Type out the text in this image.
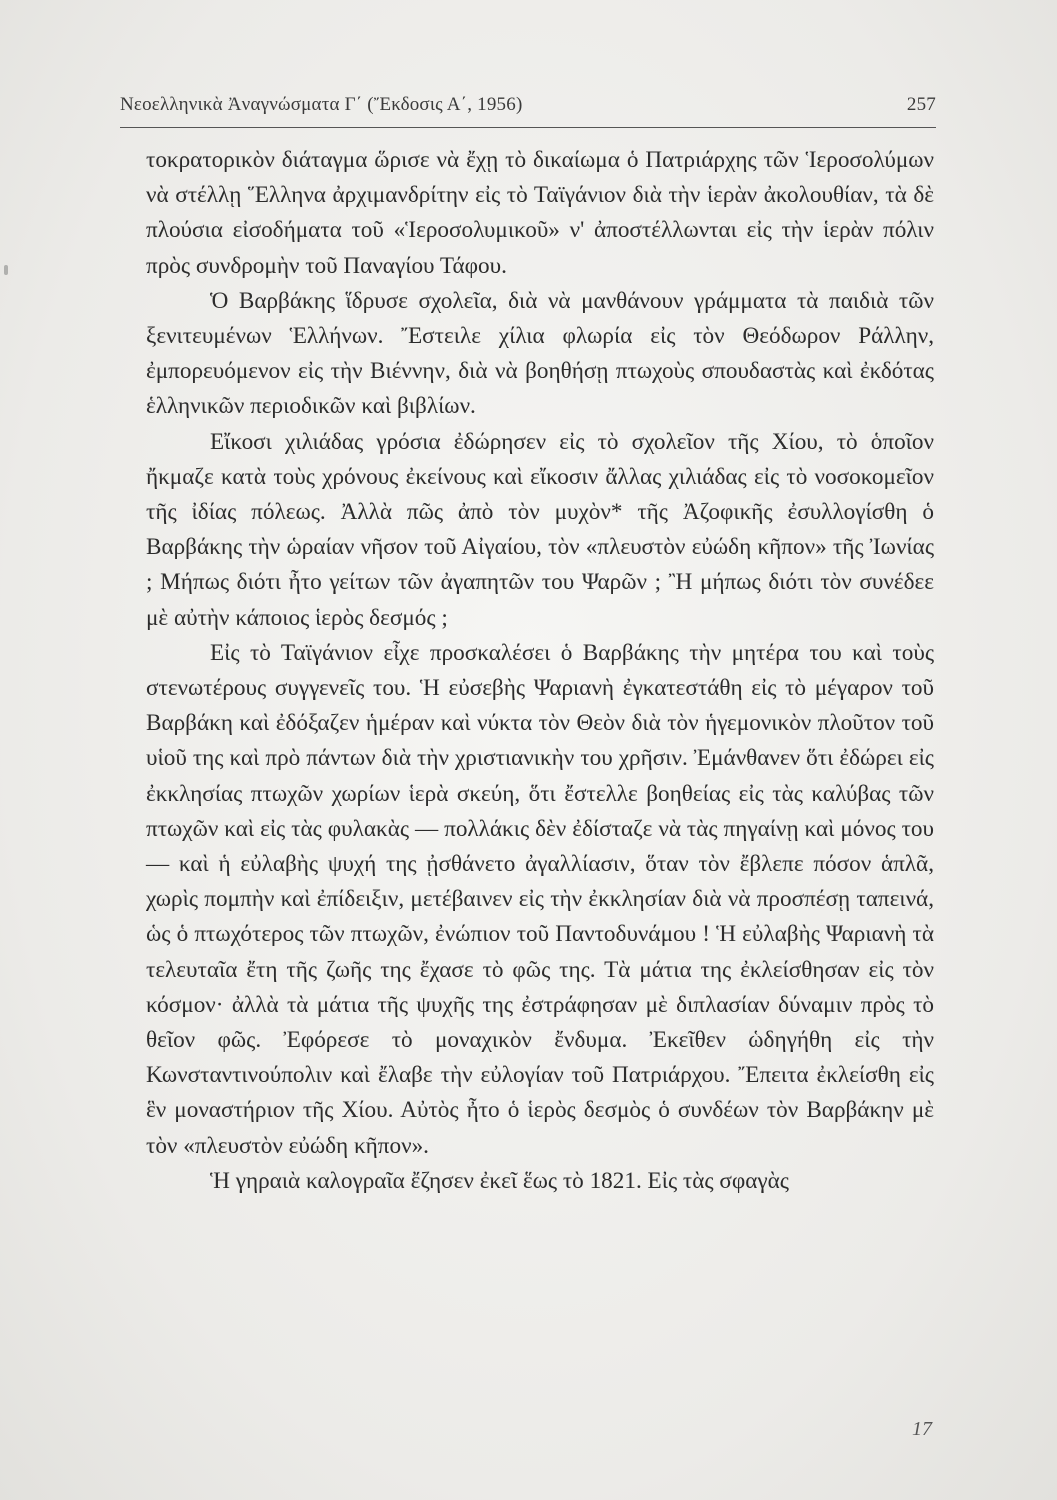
Νεοελληνικὰ Ἀναγνώσματα Γ΄ (Ἔκδοσις Α΄, 1956)	257

τοκρατορικὸν διάταγμα ὥρισε νὰ ἔχῃ τὸ δικαίωμα ὁ Πατριάρχης τῶν Ἱεροσολύμων νὰ στέλλῃ Ἕλληνα ἀρχιμανδρίτην εἰς τὸ Ταϊγάνιον διὰ τὴν ἱερὰν ἀκολουθίαν, τὰ δὲ πλούσια εἰσοδήματα τοῦ «Ἱεροσολυμικοῦ» ν' ἀποστέλλωνται εἰς τὴν ἱερὰν πόλιν πρὸς συνδρομὴν τοῦ Παναγίου Τάφου.

Ὁ Βαρβάκης ἵδρυσε σχολεῖα, διὰ νὰ μανθάνουν γράμματα τὰ παιδιὰ τῶν ξενιτευμένων Ἑλλήνων. Ἔστειλε χίλια φλωρία εἰς τὸν Θεόδωρον Ράλλην, ἐμπορευόμενον εἰς τὴν Βιέννην, διὰ νὰ βοηθήσῃ πτωχοὺς σπουδαστὰς καὶ ἐκδότας ἑλληνικῶν περιοδικῶν καὶ βιβλίων.

Εἴκοσι χιλιάδας γρόσια ἐδώρησεν εἰς τὸ σχολεῖον τῆς Χίου, τὸ ὁποῖον ἤκμαζε κατὰ τοὺς χρόνους ἐκείνους καὶ εἴκοσιν ἄλλας χιλιάδας εἰς τὸ νοσοκομεῖον τῆς ἰδίας πόλεως. Ἀλλὰ πῶς ἀπὸ τὸν μυχὸν* τῆς Ἀζοφικῆς ἐσυλλογίσθη ὁ Βαρβάκης τὴν ὡραίαν νῆσον τοῦ Αἰγαίου, τὸν «πλευστὸν εὐώδη κῆπον» τῆς Ἰωνίας ; Μήπως διότι ἦτο γείτων τῶν ἀγαπητῶν του Ψαρῶν ; Ἢ μήπως διότι τὸν συνέδεε μὲ αὐτὴν κάποιος ἱερὸς δεσμός ;

Εἰς τὸ Ταϊγάνιον εἶχε προσκαλέσει ὁ Βαρβάκης τὴν μητέρα του καὶ τοὺς στενωτέρους συγγενεῖς του. Ἡ εὐσεβὴς Ψαριανὴ ἐγκατεστάθη εἰς τὸ μέγαρον τοῦ Βαρβάκη καὶ ἐδόξαζεν ἡμέραν καὶ νύκτα τὸν Θεὸν διὰ τὸν ἡγεμονικὸν πλοῦτον τοῦ υἱοῦ της καὶ πρὸ πάντων διὰ τὴν χριστιανικὴν του χρῆσιν. Ἐμάνθανεν ὅτι ἐδώρει εἰς ἐκκλησίας πτωχῶν χωρίων ἱερὰ σκεύη, ὅτι ἔστελλε βοηθείας εἰς τὰς καλύβας τῶν πτωχῶν καὶ εἰς τὰς φυλακὰς — πολλάκις δὲν ἐδίσταζε νὰ τὰς πηγαίνῃ καὶ μόνος του — καὶ ἡ εὐλαβὴς ψυχή της ᾐσθάνετο ἀγαλλίασιν, ὅταν τὸν ἔβλεπε πόσον ἁπλᾶ, χωρὶς πομπὴν καὶ ἐπίδειξιν, μετέβαινεν εἰς τὴν ἐκκλησίαν διὰ νὰ προσπέσῃ ταπεινά, ὡς ὁ πτωχότερος τῶν πτωχῶν, ἐνώπιον τοῦ Παντοδυνάμου ! Ἡ εὐλαβὴς Ψαριανὴ τὰ τελευταῖα ἔτη τῆς ζωῆς της ἔχασε τὸ φῶς της. Τὰ μάτια της ἐκλείσθησαν εἰς τὸν κόσμον· ἀλλὰ τὰ μάτια τῆς ψυχῆς της ἐστράφησαν μὲ διπλασίαν δύναμιν πρὸς τὸ θεῖον φῶς. Ἐφόρεσε τὸ μοναχικὸν ἔνδυμα. Ἐκεῖθεν ὡδηγήθη εἰς τὴν Κωνσταντινούπολιν καὶ ἔλαβε τὴν εὐλογίαν τοῦ Πατριάρχου. Ἔπειτα ἐκλείσθη εἰς ἓν μοναστήριον τῆς Χίου. Αὐτὸς ἦτο ὁ ἱερὸς δεσμὸς ὁ συνδέων τὸν Βαρβάκην μὲ τὸν «πλευστὸν εὐώδη κῆπον».

Ἡ γηραιὰ καλογραῖα ἔζησεν ἐκεῖ ἕως τὸ 1821. Εἰς τὰς σφαγὰς

17
